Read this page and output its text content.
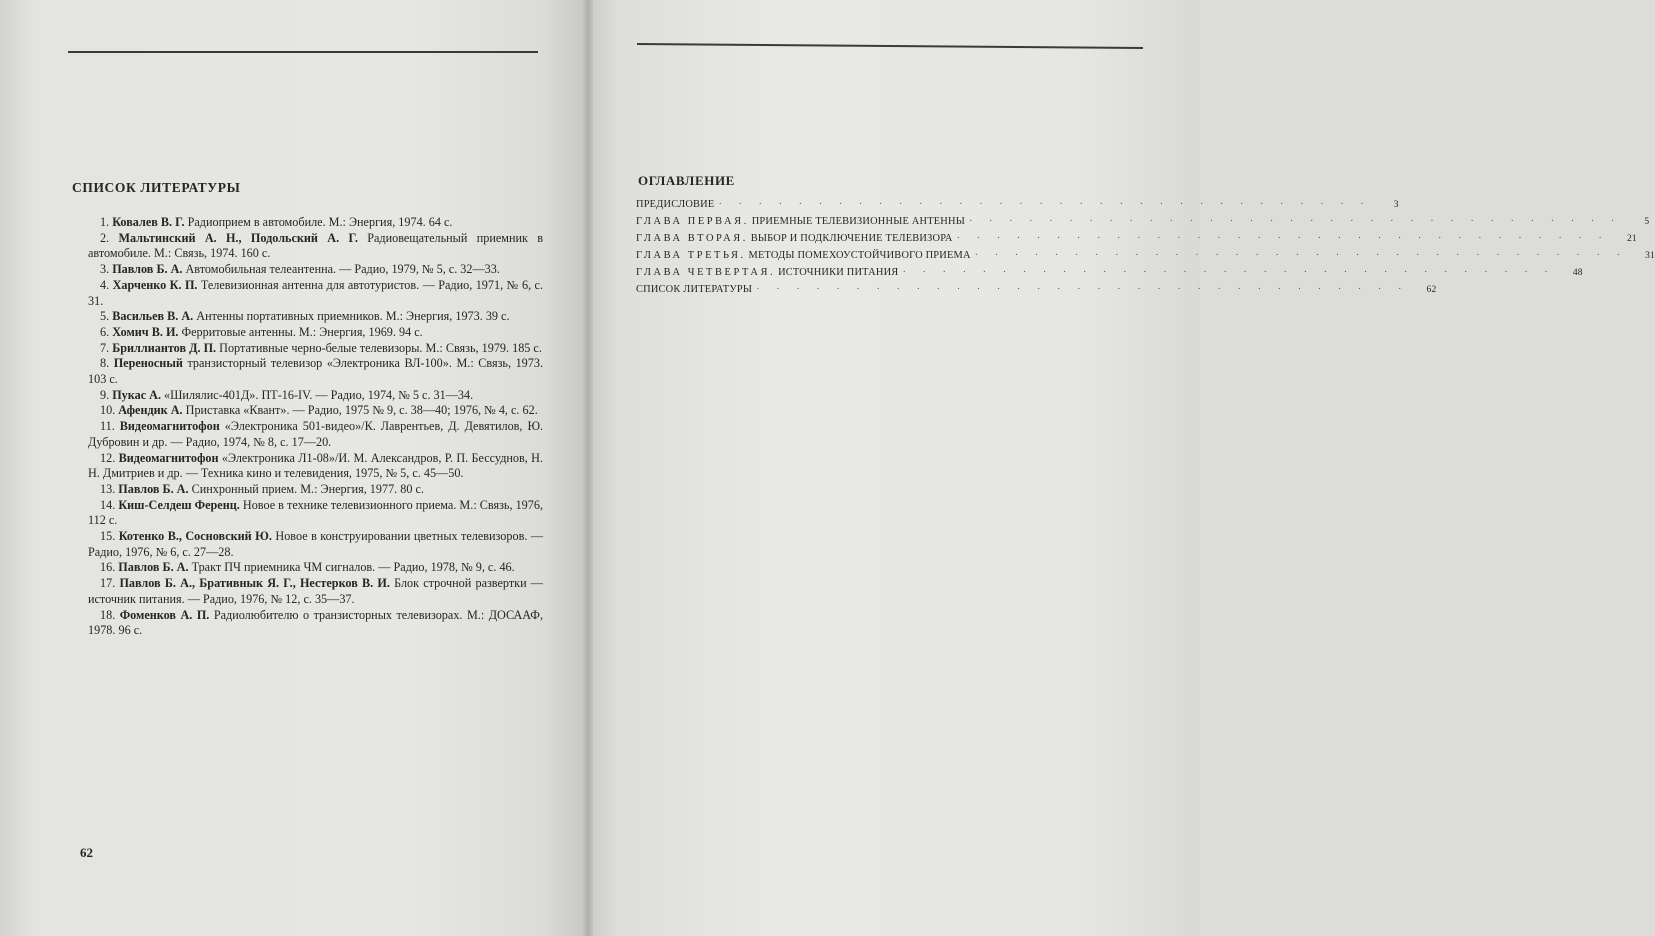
СПИСОК ЛИТЕРАТУРЫ
1. Ковалев В. Г. Радиоприем в автомобиле. М.: Энергия, 1974. 64 с.
2. Мальтинский А. Н., Подольский А. Г. Радиовещательный приемник в автомобиле. М.: Связь, 1974. 160 с.
3. Павлов Б. А. Автомобильная телеантенна. — Радио, 1979, № 5, с. 32—33.
4. Харченко К. П. Телевизионная антенна для автотуристов. — Радио, 1971, № 6, с. 31.
5. Васильев В. А. Антенны портативных приемников. М.: Энергия, 1973. 39 с.
6. Хомич В. И. Ферритовые антенны. М.: Энергия, 1969. 94 с.
7. Бриллиантов Д. П. Портативные черно-белые телевизоры. М.: Связь, 1979. 185 с.
8. Переносный транзисторный телевизор «Электроника ВЛ-100». М.: Связь, 1973. 103 с.
9. Пукас А. «Шилялис-401Д». ПТ-16-IV. — Радио, 1974, № 5 с. 31—34.
10. Афендик А. Приставка «Квант». — Радио, 1975 № 9, с. 38—40; 1976, № 4, с. 62.
11. Видеомагнитофон «Электроника 501-видео»/К. Лаврентьев, Д. Девятилов, Ю. Дубровин и др. — Радио, 1974, № 8, с. 17—20.
12. Видеомагнитофон «Электроника Л1-08»/И. М. Александров, Р. П. Бессуднов, Н. Н. Дмитриев и др. — Техника кино и телевидения, 1975, № 5, с. 45—50.
13. Павлов Б. А. Синхронный прием. М.: Энергия, 1977. 80 с.
14. Киш-Селдеш Ференц. Новое в технике телевизионного приема. М.: Связь, 1976, 112 с.
15. Котенко В., Сосновский Ю. Новое в конструировании цветных телевизоров. — Радио, 1976, № 6, с. 27—28.
16. Павлов Б. А. Тракт ПЧ приемника ЧМ сигналов. — Радио, 1978, № 9, с. 46.
17. Павлов Б. А., Бративнык Я. Г., Нестерков В. И. Блок строчной развертки — источник питания. — Радио, 1976, № 12, с. 35—37.
18. Фоменков А. П. Радиолюбителю о транзисторных телевизорах. М.: ДОСААФ, 1978. 96 с.
62
ОГЛАВЛЕНИЕ
ПРЕДИСЛОВИЕ · · · · · · · · · · · · · · · · · · · · · · · · · · · · · · · · ·	3
ГЛАВА ПЕРВАЯ. ПРИЕМНЫЕ ТЕЛЕВИЗИОННЫЕ АНТЕННЫ · · · · · · · · · · · · · · · · · · · · · · · · · · · · · · · · ·	5
ГЛАВА ВТОРАЯ. ВЫБОР И ПОДКЛЮЧЕНИЕ ТЕЛЕВИЗОРА · · · · · · · · · · · · · · · · · · · · · · · · · · · · · · · · ·	21
ГЛАВА ТРЕТЬЯ. МЕТОДЫ ПОМЕХОУСТОЙЧИВОГО ПРИЕМА · · · · · · · · · · · · · · · · · · · · · · · · · · · · · · · · ·	31
ГЛАВА ЧЕТВЕРТАЯ. ИСТОЧНИКИ ПИТАНИЯ · · · · · · · · · · · · · · · · · · · · · · · · · · · · · · · · ·	48
СПИСОК ЛИТЕРАТУРЫ · · · · · · · · · · · · · · · · · · · · · · · · · · · · · · · · ·	62
